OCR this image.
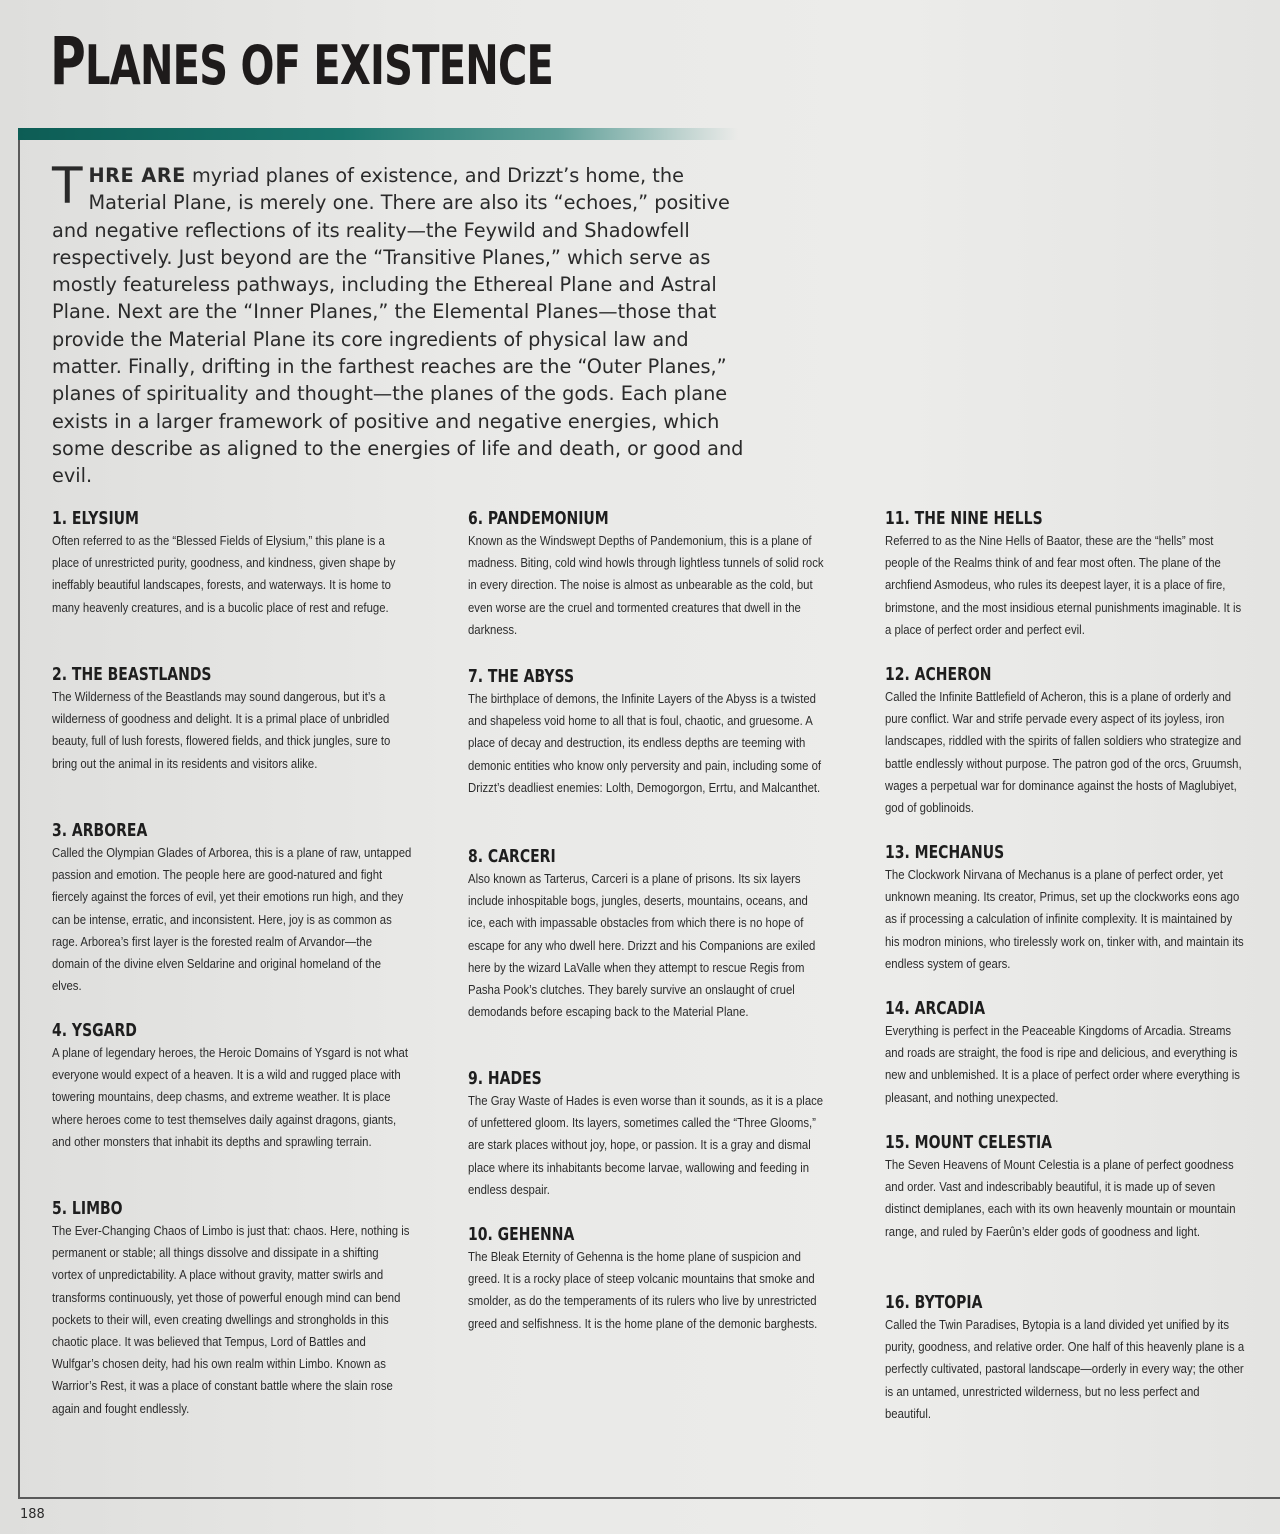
PLANES OF EXISTENCE

THRE ARE myriad planes of existence, and Drizzt’s home, the Material Plane, is merely one. There are also its “echoes,” positive and negative reflections of its reality—the Feywild and Shadowfell respectively. Just beyond are the “Transitive Planes,” which serve as mostly featureless pathways, including the Ethereal Plane and Astral Plane. Next are the “Inner Planes,” the Elemental Planes—those that provide the Material Plane its core ingredients of physical law and matter. Finally, drifting in the farthest reaches are the “Outer Planes,” planes of spirituality and thought—the planes of the gods. Each plane exists in a larger framework of positive and negative energies, which some describe as aligned to the energies of life and death, or good and evil.

1. ELYSIUM

Often referred to as the “Blessed Fields of Elysium,” this plane is a place of unrestricted purity, goodness, and kindness, given shape by ineffably beautiful landscapes, forests, and waterways. It is home to many heavenly creatures, and is a bucolic place of rest and refuge.

2. THE BEASTLANDS

The Wilderness of the Beastlands may sound dangerous, but it’s a wilderness of goodness and delight. It is a primal place of unbridled beauty, full of lush forests, flowered fields, and thick jungles, sure to bring out the animal in its residents and visitors alike.

3. ARBOREA

Called the Olympian Glades of Arborea, this is a plane of raw, untapped passion and emotion. The people here are good-natured and fight fiercely against the forces of evil, yet their emotions run high, and they can be intense, erratic, and inconsistent. Here, joy is as common as rage. Arborea’s first layer is the forested realm of Arvandor—the domain of the divine elven Seldarine and original homeland of the elves.

4. YSGARD

A plane of legendary heroes, the Heroic Domains of Ysgard is not what everyone would expect of a heaven. It is a wild and rugged place with towering mountains, deep chasms, and extreme weather. It is place where heroes come to test themselves daily against dragons, giants, and other monsters that inhabit its depths and sprawling terrain.

5. LIMBO

The Ever-Changing Chaos of Limbo is just that: chaos. Here, nothing is permanent or stable; all things dissolve and dissipate in a shifting vortex of unpredictability. A place without gravity, matter swirls and transforms continuously, yet those of powerful enough mind can bend pockets to their will, even creating dwellings and strongholds in this chaotic place. It was believed that Tempus, Lord of Battles and Wulfgar’s chosen deity, had his own realm within Limbo. Known as Warrior’s Rest, it was a place of constant battle where the slain rose again and fought endlessly.

6. PANDEMONIUM

Known as the Windswept Depths of Pandemonium, this is a plane of madness. Biting, cold wind howls through lightless tunnels of solid rock in every direction. The noise is almost as unbearable as the cold, but even worse are the cruel and tormented creatures that dwell in the darkness.

7. THE ABYSS

The birthplace of demons, the Infinite Layers of the Abyss is a twisted and shapeless void home to all that is foul, chaotic, and gruesome. A place of decay and destruction, its endless depths are teeming with demonic entities who know only perversity and pain, including some of Drizzt’s deadliest enemies: Lolth, Demogorgon, Errtu, and Malcanthet.

8. CARCERI

Also known as Tarterus, Carceri is a plane of prisons. Its six layers include inhospitable bogs, jungles, deserts, mountains, oceans, and ice, each with impassable obstacles from which there is no hope of escape for any who dwell here. Drizzt and his Companions are exiled here by the wizard LaValle when they attempt to rescue Regis from Pasha Pook’s clutches. They barely survive an onslaught of cruel demodands before escaping back to the Material Plane.

9. HADES

The Gray Waste of Hades is even worse than it sounds, as it is a place of unfettered gloom. Its layers, sometimes called the “Three Glooms,” are stark places without joy, hope, or passion. It is a gray and dismal place where its inhabitants become larvae, wallowing and feeding in endless despair.

10. GEHENNA

The Bleak Eternity of Gehenna is the home plane of suspicion and greed. It is a rocky place of steep volcanic mountains that smoke and smolder, as do the temperaments of its rulers who live by unrestricted greed and selfishness. It is the home plane of the demonic barghests.

11. THE NINE HELLS

Referred to as the Nine Hells of Baator, these are the “hells” most people of the Realms think of and fear most often. The plane of the archfiend Asmodeus, who rules its deepest layer, it is a place of fire, brimstone, and the most insidious eternal punishments imaginable. It is a place of perfect order and perfect evil.

12. ACHERON

Called the Infinite Battlefield of Acheron, this is a plane of orderly and pure conflict. War and strife pervade every aspect of its joyless, iron landscapes, riddled with the spirits of fallen soldiers who strategize and battle endlessly without purpose. The patron god of the orcs, Gruumsh, wages a perpetual war for dominance against the hosts of Maglubiyet, god of goblinoids.

13. MECHANUS

The Clockwork Nirvana of Mechanus is a plane of perfect order, yet unknown meaning. Its creator, Primus, set up the clockworks eons ago as if processing a calculation of infinite complexity. It is maintained by his modron minions, who tirelessly work on, tinker with, and maintain its endless system of gears.

14. ARCADIA

Everything is perfect in the Peaceable Kingdoms of Arcadia. Streams and roads are straight, the food is ripe and delicious, and everything is new and unblemished. It is a place of perfect order where everything is pleasant, and nothing unexpected.

15. MOUNT CELESTIA

The Seven Heavens of Mount Celestia is a plane of perfect goodness and order. Vast and indescribably beautiful, it is made up of seven distinct demiplanes, each with its own heavenly mountain or mountain range, and ruled by Faerûn’s elder gods of goodness and light.

16. BYTOPIA

Called the Twin Paradises, Bytopia is a land divided yet unified by its purity, goodness, and relative order. One half of this heavenly plane is a perfectly cultivated, pastoral landscape—orderly in every way; the other is an untamed, unrestricted wilderness, but no less perfect and beautiful.

188
